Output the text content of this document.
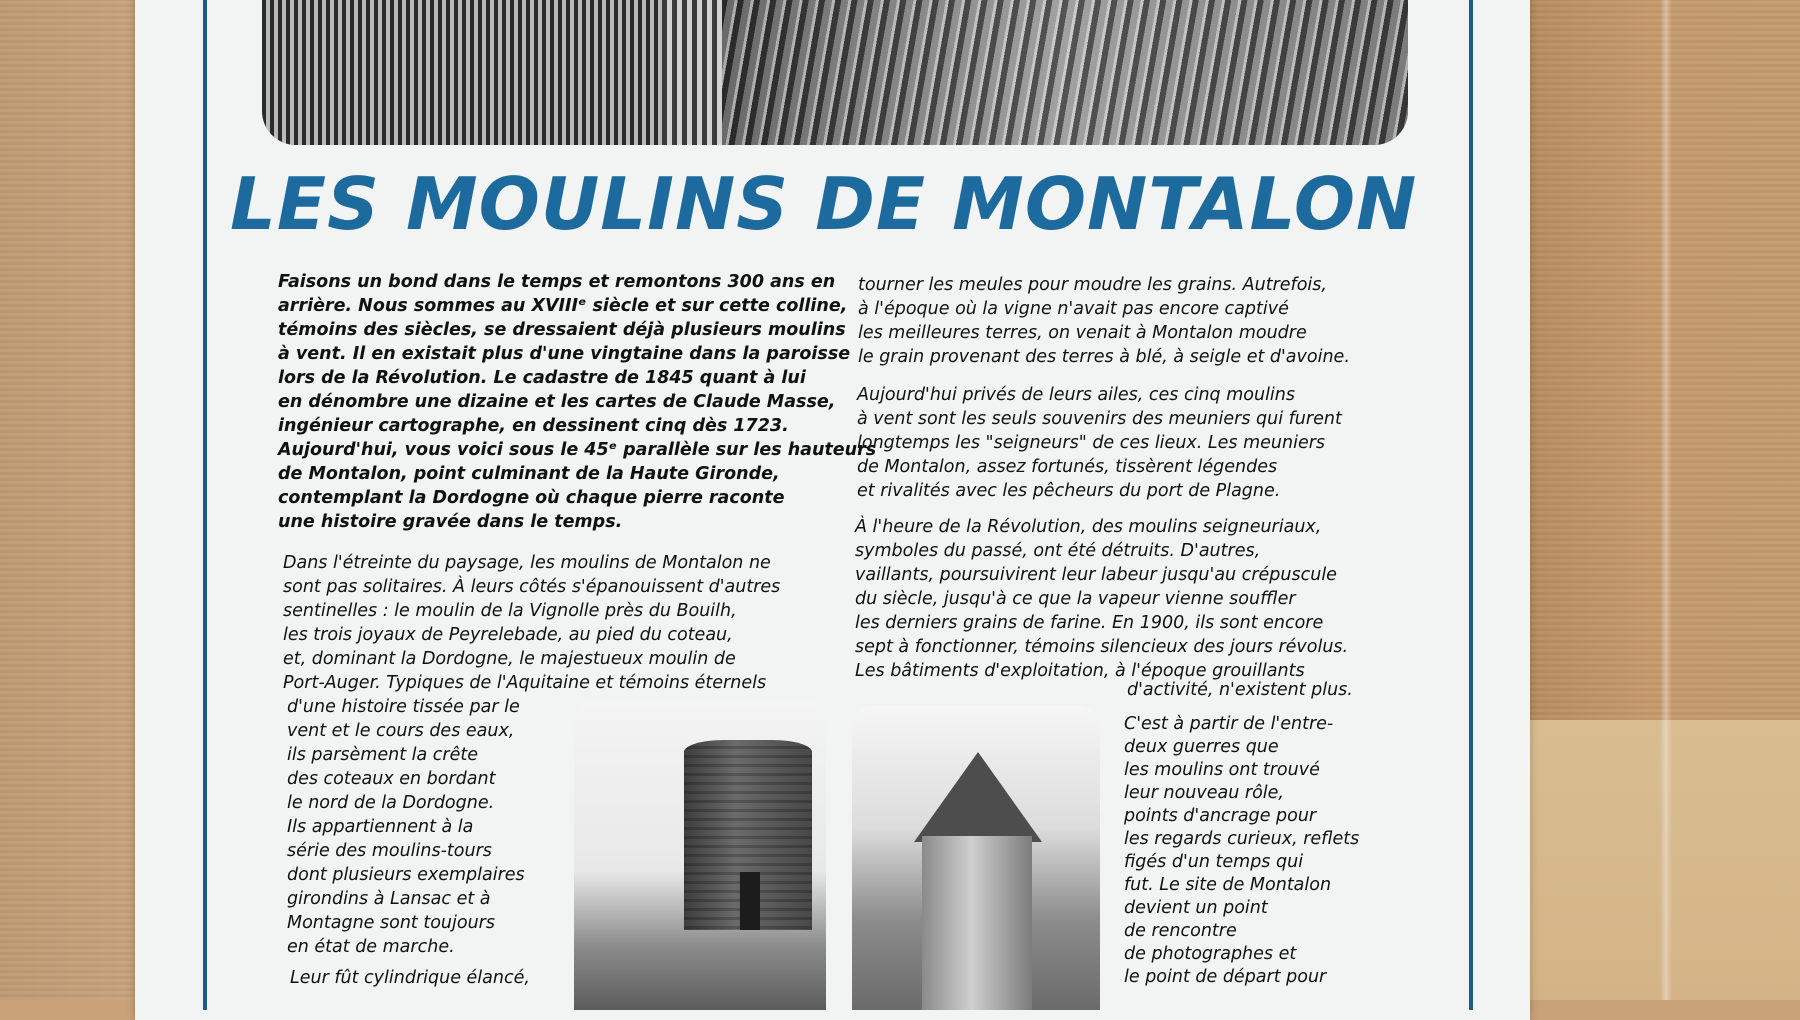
LES MOULINS DE MONTALON
Faisons un bond dans le temps et remontons 300 ans en
arrière. Nous sommes au XVIIIᵉ siècle et sur cette colline,
témoins des siècles, se dressaient déjà plusieurs moulins
à vent. Il en existait plus d'une vingtaine dans la paroisse
lors de la Révolution. Le cadastre de 1845 quant à lui
en dénombre une dizaine et les cartes de Claude Masse,
ingénieur cartographe, en dessinent cinq dès 1723.
Aujourd'hui, vous voici sous le 45ᵉ parallèle sur les hauteurs
de Montalon, point culminant de la Haute Gironde,
contemplant la Dordogne où chaque pierre raconte
une histoire gravée dans le temps.
Dans l'étreinte du paysage, les moulins de Montalon ne
sont pas solitaires. À leurs côtés s'épanouissent d'autres
sentinelles : le moulin de la Vignolle près du Bouilh,
les trois joyaux de Peyrelebade, au pied du coteau,
et, dominant la Dordogne, le majestueux moulin de
Port-Auger. Typiques de l'Aquitaine et témoins éternels
d'une histoire tissée par le
vent et le cours des eaux,
ils parsèment la crête
des coteaux en bordant
le nord de la Dordogne.
Ils appartiennent à la
série des moulins-tours
dont plusieurs exemplaires
girondins à Lansac et à
Montagne sont toujours
en état de marche.
Leur fût cylindrique élancé,
tourner les meules pour moudre les grains. Autrefois,
à l'époque où la vigne n'avait pas encore captivé
les meilleures terres, on venait à Montalon moudre
le grain provenant des terres à blé, à seigle et d'avoine.
Aujourd'hui privés de leurs ailes, ces cinq moulins
à vent sont les seuls souvenirs des meuniers qui furent
longtemps les "seigneurs" de ces lieux. Les meuniers
de Montalon, assez fortunés, tissèrent légendes
et rivalités avec les pêcheurs du port de Plagne.
À l'heure de la Révolution, des moulins seigneuriaux,
symboles du passé, ont été détruits. D'autres,
vaillants, poursuivirent leur labeur jusqu'au crépuscule
du siècle, jusqu'à ce que la vapeur vienne souffler
les derniers grains de farine. En 1900, ils sont encore
sept à fonctionner, témoins silencieux des jours révolus.
Les bâtiments d'exploitation, à l'époque grouillants
d'activité, n'existent plus.
C'est à partir de l'entre-
deux guerres que
les moulins ont trouvé
leur nouveau rôle,
points d'ancrage pour
les regards curieux, reflets
figés d'un temps qui
fut. Le site de Montalon
devient un point
de rencontre
de photographes et
le point de départ pour
